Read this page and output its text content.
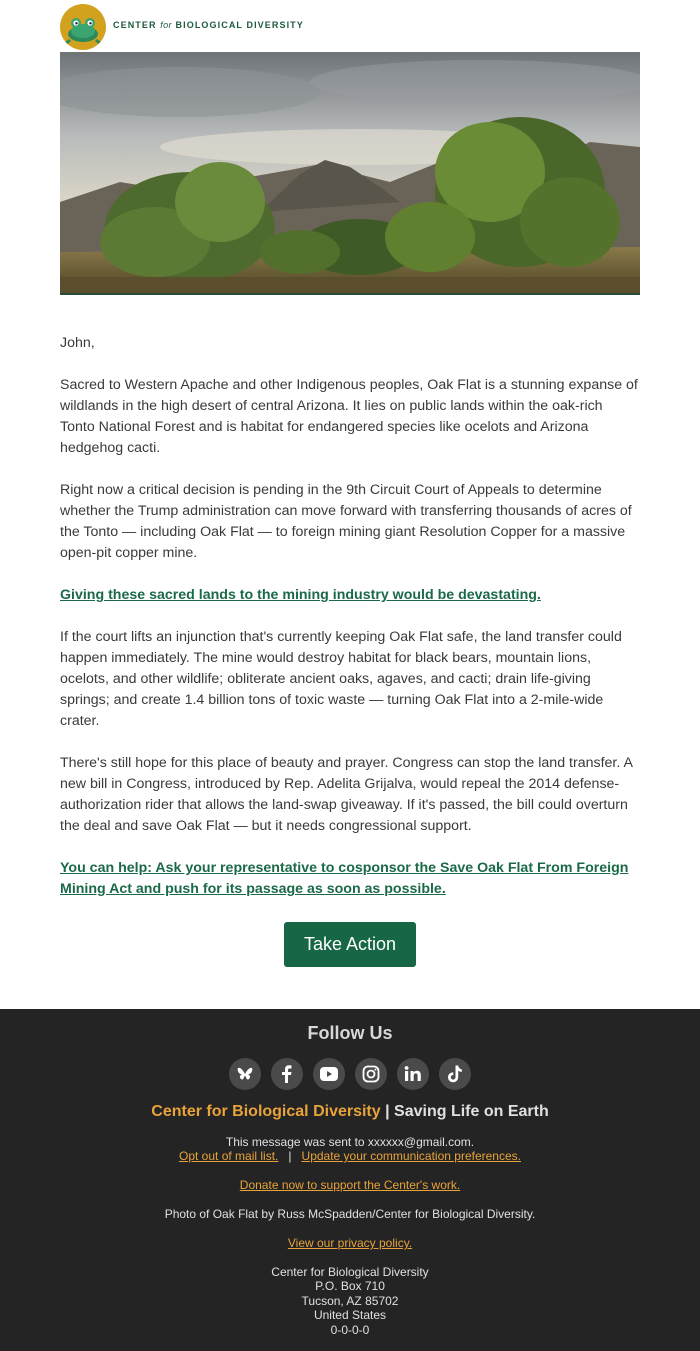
CENTER for BIOLOGICAL DIVERSITY

John,

Sacred to Western Apache and other Indigenous peoples, Oak Flat is a stunning expanse of wildlands in the high desert of central Arizona. It lies on public lands within the oak-rich Tonto National Forest and is habitat for endangered species like ocelots and Arizona hedgehog cacti.

Right now a critical decision is pending in the 9th Circuit Court of Appeals to determine whether the Trump administration can move forward with transferring thousands of acres of the Tonto — including Oak Flat — to foreign mining giant Resolution Copper for a massive open-pit copper mine.

Giving these sacred lands to the mining industry would be devastating.

If the court lifts an injunction that's currently keeping Oak Flat safe, the land transfer could happen immediately. The mine would destroy habitat for black bears, mountain lions, ocelots, and other wildlife; obliterate ancient oaks, agaves, and cacti; drain life-giving springs; and create 1.4 billion tons of toxic waste — turning Oak Flat into a 2-mile-wide crater.

There's still hope for this place of beauty and prayer. Congress can stop the land transfer. A new bill in Congress, introduced by Rep. Adelita Grijalva, would repeal the 2014 defense-authorization rider that allows the land-swap giveaway. If it's passed, the bill could overturn the deal and save Oak Flat — but it needs congressional support.

You can help: Ask your representative to cosponsor the Save Oak Flat From Foreign Mining Act and push for its passage as soon as possible.

Take Action
Follow Us
Center for Biological Diversity | Saving Life on Earth
This message was sent to xxxxxx@gmail.com.
Opt out of mail list. | Update your communication preferences.
Donate now to support the Center's work.
Photo of Oak Flat by Russ McSpadden/Center for Biological Diversity.
View our privacy policy.
Center for Biological Diversity
P.O. Box 710
Tucson, AZ 85702
United States
0-0-0-0
